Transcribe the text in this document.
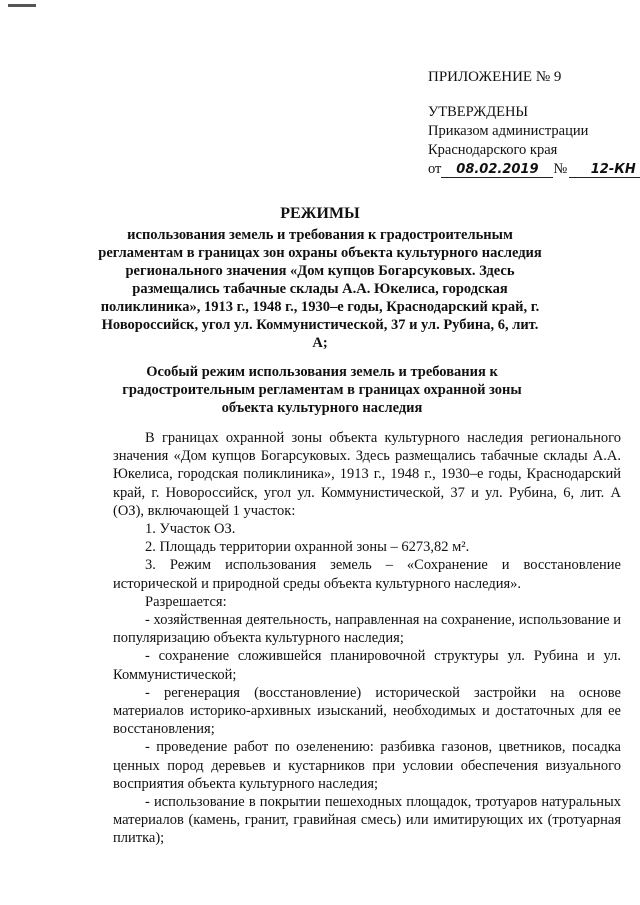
ПРИЛОЖЕНИЕ № 9
УТВЕРЖДЕНЫ
Приказом администрации
Краснодарского края
от 08.02.2019 № 12-КН
РЕЖИМЫ
использования земель и требования к градостроительным регламентам в границах зон охраны объекта культурного наследия регионального значения «Дом купцов Богарсуковых. Здесь размещались табачные склады А.А. Юкелиса, городская поликлиника», 1913 г., 1948 г., 1930–е годы, Краснодарский край, г. Новороссийск, угол ул. Коммунистической, 37 и ул. Рубина, 6, лит. А;
Особый режим использования земель и требования к градостроительным регламентам в границах охранной зоны объекта культурного наследия

В границах охранной зоны объекта культурного наследия регионального значения «Дом купцов Богарсуковых. Здесь размещались табачные склады А.А. Юкелиса, городская поликлиника», 1913 г., 1948 г., 1930–е годы, Краснодарский край, г. Новороссийск, угол ул. Коммунистической, 37 и ул. Рубина, 6, лит. А (ОЗ), включающей 1 участок:

1. Участок ОЗ.

2. Площадь территории охранной зоны – 6273,82 м².

3. Режим использования земель – «Сохранение и восстановление исторической и природной среды объекта культурного наследия».

Разрешается:

- хозяйственная деятельность, направленная на сохранение, использование и популяризацию объекта культурного наследия;

- сохранение сложившейся планировочной структуры ул. Рубина и ул. Коммунистической;

- регенерация (восстановление) исторической застройки на основе материалов историко-архивных изысканий, необходимых и достаточных для ее восстановления;

- проведение работ по озеленению: разбивка газонов, цветников, посадка ценных пород деревьев и кустарников при условии обеспечения визуального восприятия объекта культурного наследия;

- использование в покрытии пешеходных площадок, тротуаров натуральных материалов (камень, гранит, гравийная смесь) или имитирующих их (тротуарная плитка);
